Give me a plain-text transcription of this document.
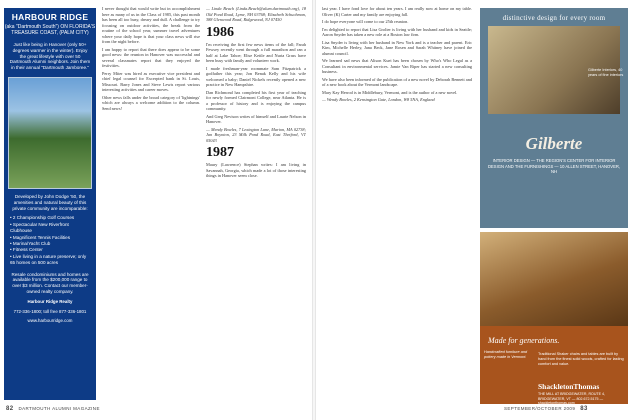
HARBOUR RIDGE
(aka "Dartmouth South") ON FLORIDA'S TREASURE COAST, (PALM CITY)
Just like being in Hanover (only 50+ degrees warmer in the winter). Enjoy the great lifestyle with over 50 Dartmouth Alumni neighbors. Join them in their annual "Dartmouth Jamboree."
Developed by John Dodge '50, the amenities and natural beauty of this private community are incomparable:
• 2 Championship Golf Courses
• Spectacular New Riverfront Clubhouse
• Magnificent Tennis Facilities
• Marina/Yacht Club
• Fitness Center
• Live living in a nature preserve; only 65 homes on 500 acres
Resale condominiums and homes are available from the $200,000 range to over $3 million. Contact our member-owned realty company.
Harbour Ridge Realty
772-336-1800; toll free 877-336-1801
www.harbourridge.com

I never thought that would write but in accomplishment here as many of us in the Class of 1985, this past month has been all too busy, dreary and dull. A challenge to try focusing on outdoor activities, the break from the routine of the school year, summer travel adventures where your daily hope is that your class news will rise from the night before.

I am happy to report that there does appear to be some good news: the reunion in Hanover was successful and several classmates report that they enjoyed the festivities.

Perry Miter was hired as executive vice president and chief legal counsel for Excerpted bank in St. Louis, Missouri. Barry Jones and Steve Lewis report various interesting activities and career moves.

Other news falls under the broad category of 'lightnings' which are always a welcome addition to the column. Send news!

— Linda Beach (Linda.Beach@alum.dartmouth.org), 18 Old Pond Road, Lyme, NH 03768; Elizabeth Schuchman, 388 Glenwood Road, Ridgewood, NJ 07450

1986

I'm receiving the first few news items of the fall; Farah Fewsey recently went through a full marathon and ran a half at Lake Tahoe; Elise Kettle and Nuria Grass have been busy with family and volunteer work.

I made freshman-year roommate Sam Fitzpatrick a godfather this year; Jon Benak Kelly and his wife welcomed a baby; Daniel Nickels recently opened a new practice in New Hampshire.

Dan Richmond has completed his first year of teaching for newly formed Clairmont College, near Atlanta. He is a professor of history and is enjoying the campus community.

And Greg Nevison writes of himself and Laurie Nelson in Hanover.

— Mendy Bowles, 7 Lexington Lane, Marion, MA 02738; Jan Boynton, 23 Milk Pond Road, East Thetford, VT 05043

1987

Maury (Lawrence) Stephan writes: I am living in Savannah, Georgia, which made a lot of those interesting things in Hanover seem close.

82 DARTMOUTH ALUMNI MAGAZINE

last year. I have fond love for about ten years. I am really now at home on my table. Oliver (K) Carter and my family are enjoying fall.

I do hope everyone will come to our 25th reunion.

I'm delighted to report that Lisa Grolier is living with her husband and kids in Seattle; Aaron Snyder has taken a new role at a Boston law firm.

Lisa Snyder is living with her husband in New York and is a teacher and parent. Eric Kim, Michelle Herley, Jana Beck, Jane Rosen and Sarah Whitney have joined the alumni council.

We learned sad news that Alison Kuei has been chosen by Who's Who Legal as a Consultant in environmental services. Jamie Van Riper has started a new consulting business.

We have also been informed of the publication of a new novel by Deborah Bennett and of a new book about the Vermont landscape.

Mary Kay Herrod is in Middlebury, Vermont, and is the author of a new novel.

— Wendy Bowles, 2 Kensington Gate, London, W8 5NA, England

distinctive design for every room
Gilberte Interiors, 40 years of fine interiors
Gilberte
INTERIOR DESIGN — THE REGION'S CENTER FOR INTERIOR DESIGN AND THE FURNISHINGS — 10 ALLEN STREET, HANOVER, NH
Made for generations.
Handcrafted furniture and pottery made in Vermont.
Traditional Shaker chairs and tables are built by hand from the finest solid woods, crafted for lasting comfort and value.
ShackletonThomas
THE MILL AT BRIDGEWATER, ROUTE 4, BRIDGEWATER, VT — 802.672.5175 — shackletonthomas.com
SEPTEMBER/OCTOBER 2009 83
